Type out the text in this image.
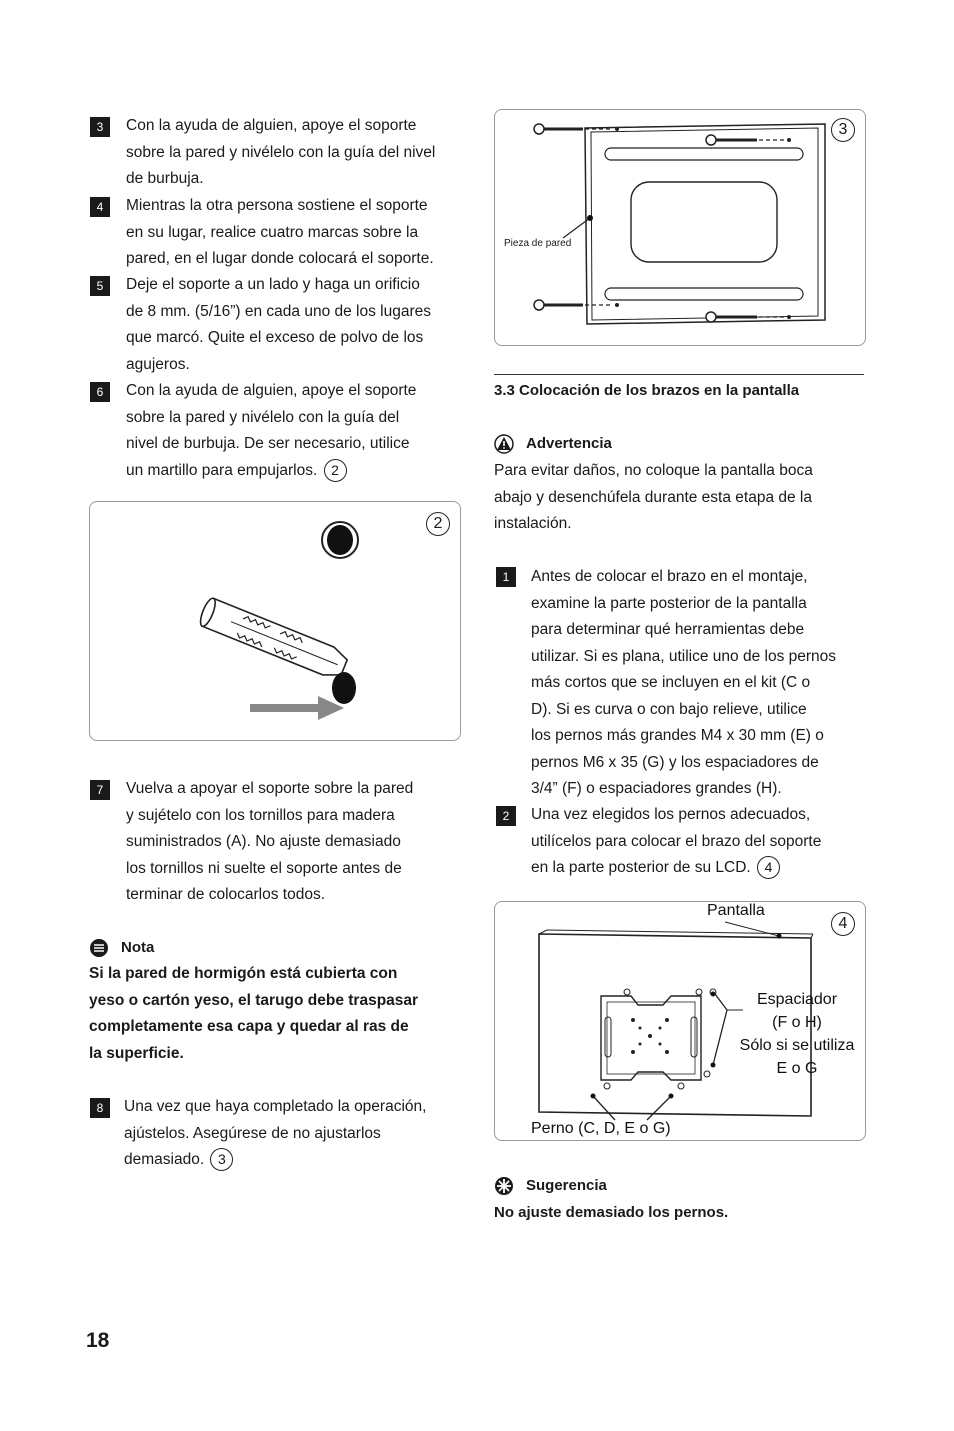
3	Con la ayuda de alguien, apoye el soporte
sobre la pared y nivélelo con la guía del nivel
de burbuja.
4	Mientras la otra persona sostiene el soporte
en su lugar, realice cuatro marcas sobre la
pared, en el lugar donde colocará el soporte.
5	Deje el soporte a un lado y haga un orificio
de 8 mm. (5/16”) en cada uno de los lugares
que marcó. Quite el exceso de polvo de los
agujeros.
6	Con la ayuda de alguien, apoye el soporte
sobre la pared y nivélelo con la guía del
nivel de burbuja. De ser necesario, utilice
un martillo para empujarlos. 2
2
7	Vuelva a apoyar el soporte sobre la pared
y sujételo con los tornillos para madera
suministrados (A). No ajuste demasiado
los tornillos ni suelte el soporte antes de
terminar de colocarlos todos.
Nota
Si la pared de hormigón está cubierta con
yeso o cartón yeso, el tarugo debe traspasar
completamente esa capa y quedar al ras de
la superficie.
8	Una vez que haya completado la operación,
ajústelos. Asegúrese de no ajustarlos
demasiado. 3
3
Pieza de pared
3.3 Colocación de los brazos en la pantalla
Advertencia
Para evitar daños, no coloque la pantalla boca
abajo y desenchúfela durante esta etapa de la
instalación.
1	Antes de colocar el brazo en el montaje,
examine la parte posterior de la pantalla
para determinar qué herramientas debe
utilizar. Si es plana, utilice uno de los pernos
más cortos que se incluyen en el kit (C o
D). Si es curva o con bajo relieve, utilice
los pernos más grandes M4 x 30 mm (E) o
pernos M6 x 35 (G) y los espaciadores de
3/4” (F) o espaciadores grandes (H).
2	Una vez elegidos los pernos adecuados,
utilícelos para colocar el brazo del soporte
en la parte posterior de su LCD. 4
4
Pantalla
Espaciador
(F o H)
Sólo si se utiliza
E o G
Perno (C, D, E o G)
Sugerencia
No ajuste demasiado los pernos.
18
